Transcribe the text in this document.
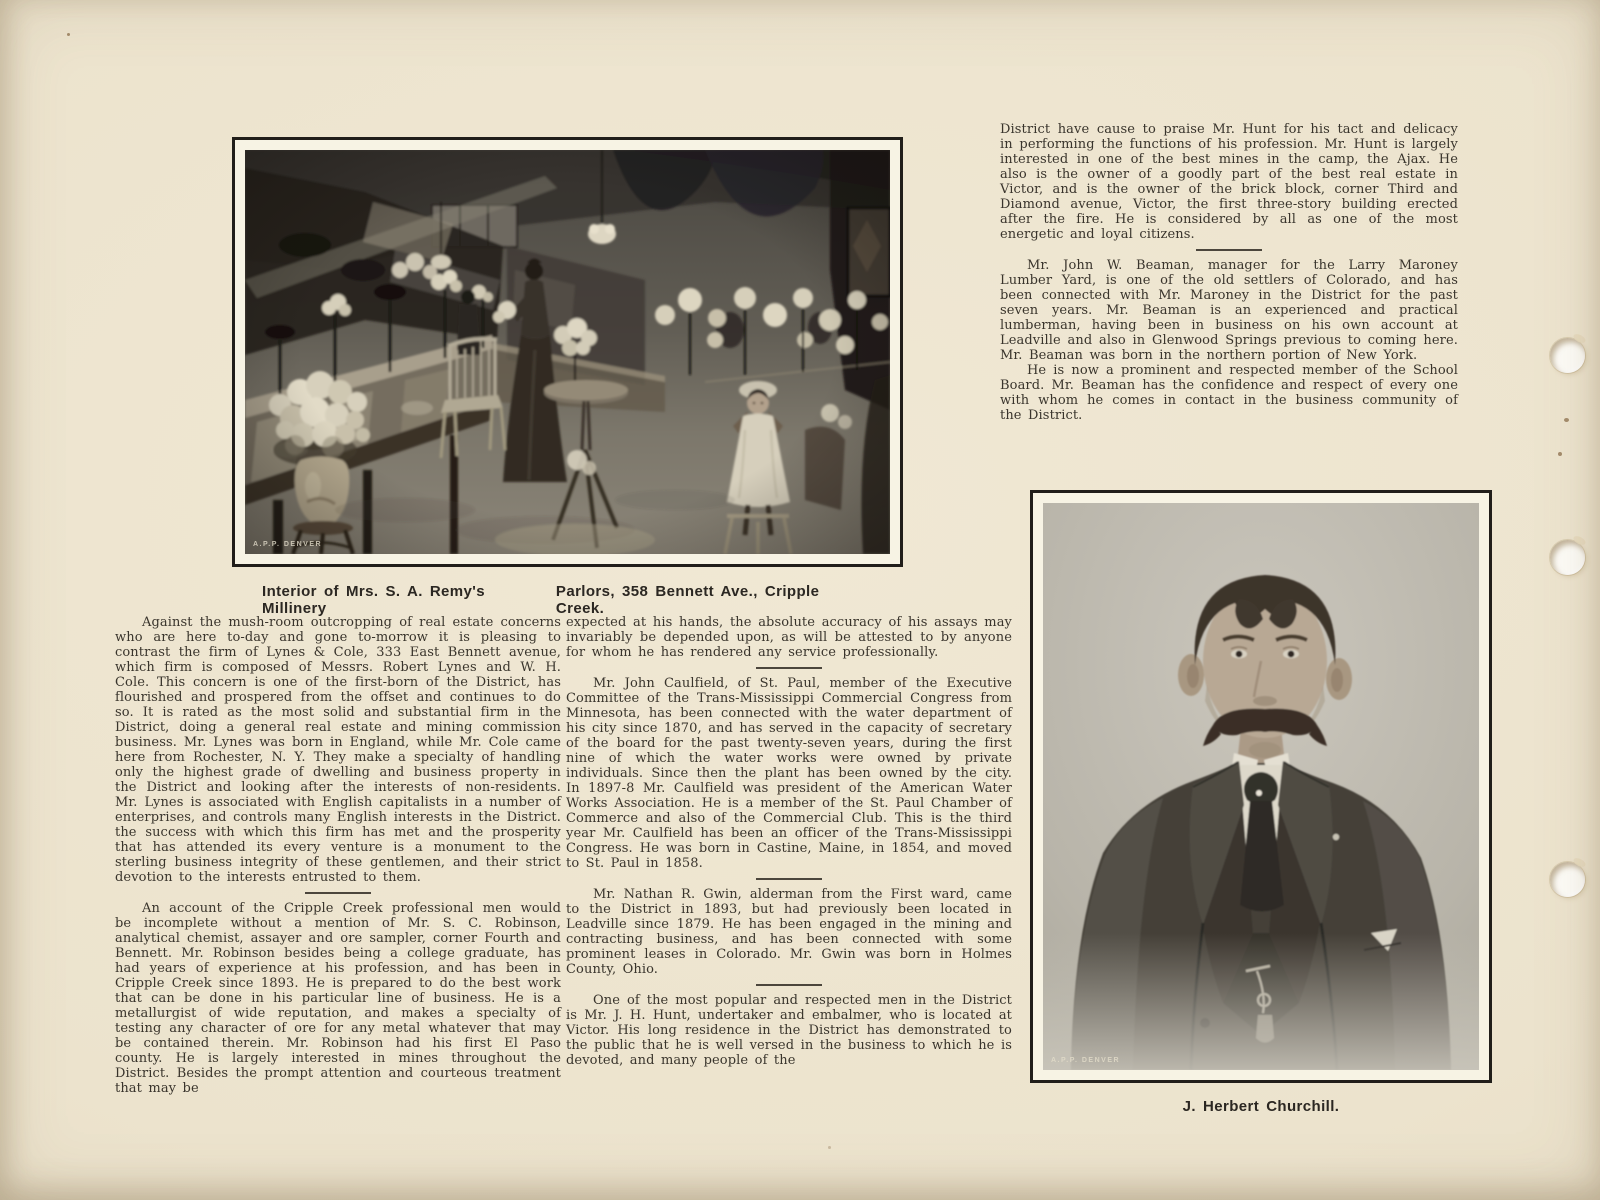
A.P.P. DENVER
Interior of Mrs. S. A. Remy's Millinery
Parlors, 358 Bennett Ave., Cripple Creek.

Against the mush-room outcropping of real estate concerns who are here to-day and gone to-morrow it is pleasing to contrast the firm of Lynes & Cole, 333 East Bennett avenue, which firm is composed of Messrs. Robert Lynes and W. H. Cole. This concern is one of the first-born of the District, has flourished and prospered from the offset and continues to do so. It is rated as the most solid and substantial firm in the District, doing a general real estate and mining commission business. Mr. Lynes was born in England, while Mr. Cole came here from Rochester, N. Y. They make a specialty of handling only the highest grade of dwelling and business property in the District and looking after the interests of non-residents. Mr. Lynes is associated with English capitalists in a number of enterprises, and controls many English interests in the District. the success with which this firm has met and the prosperity that has attended its every venture is a monument to the sterling business integrity of these gentlemen, and their strict devotion to the interests entrusted to them.

An account of the Cripple Creek professional men would be incomplete without a mention of Mr. S. C. Robinson, analytical chemist, assayer and ore sampler, corner Fourth and Bennett. Mr. Robinson besides being a college graduate, has had years of experience at his profession, and has been in Cripple Creek since 1893. He is prepared to do the best work that can be done in his particular line of business. He is a metallurgist of wide reputation, and makes a specialty of testing any character of ore for any metal whatever that may be contained therein. Mr. Robinson had his first El Paso county. He is largely interested in mines throughout the District. Besides the prompt attention and courteous treatment that may be

expected at his hands, the absolute accuracy of his assays may invariably be depended upon, as will be attested to by anyone for whom he has rendered any service professionally.

Mr. John Caulfield, of St. Paul, member of the Executive Committee of the Trans-Mississippi Commercial Congress from Minnesota, has been connected with the water department of his city since 1870, and has served in the capacity of secretary of the board for the past twenty-seven years, during the first nine of which the water works were owned by private individuals. Since then the plant has been owned by the city. In 1897-8 Mr. Caulfield was president of the American Water Works Association. He is a member of the St. Paul Chamber of Commerce and also of the Commercial Club. This is the third year Mr. Caulfield has been an officer of the Trans-Mississippi Congress. He was born in Castine, Maine, in 1854, and moved to St. Paul in 1858.

Mr. Nathan R. Gwin, alderman from the First ward, came to the District in 1893, but had previously been located in Leadville since 1879. He has been engaged in the mining and contracting business, and has been connected with some prominent leases in Colorado. Mr. Gwin was born in Holmes County, Ohio.

One of the most popular and respected men in the District is Mr. J. H. Hunt, undertaker and embalmer, who is located at Victor. His long residence in the District has demonstrated to the public that he is well versed in the business to which he is devoted, and many people of the

District have cause to praise Mr. Hunt for his tact and delicacy in performing the functions of his profession. Mr. Hunt is largely interested in one of the best mines in the camp, the Ajax. He also is the owner of a goodly part of the best real estate in Victor, and is the owner of the brick block, corner Third and Diamond avenue, Victor, the first three-story building erected after the fire. He is considered by all as one of the most energetic and loyal citizens.

Mr. John W. Beaman, manager for the Larry Maroney Lumber Yard, is one of the old settlers of Colorado, and has been connected with Mr. Maroney in the District for the past seven years. Mr. Beaman is an experienced and practical lumberman, having been in business on his own account at Leadville and also in Glenwood Springs previous to coming here. Mr. Beaman was born in the northern portion of New York.

He is now a prominent and respected member of the School Board. Mr. Beaman has the confidence and respect of every one with whom he comes in contact in the business community of the District.

A.P.P. DENVER
J. Herbert Churchill.
